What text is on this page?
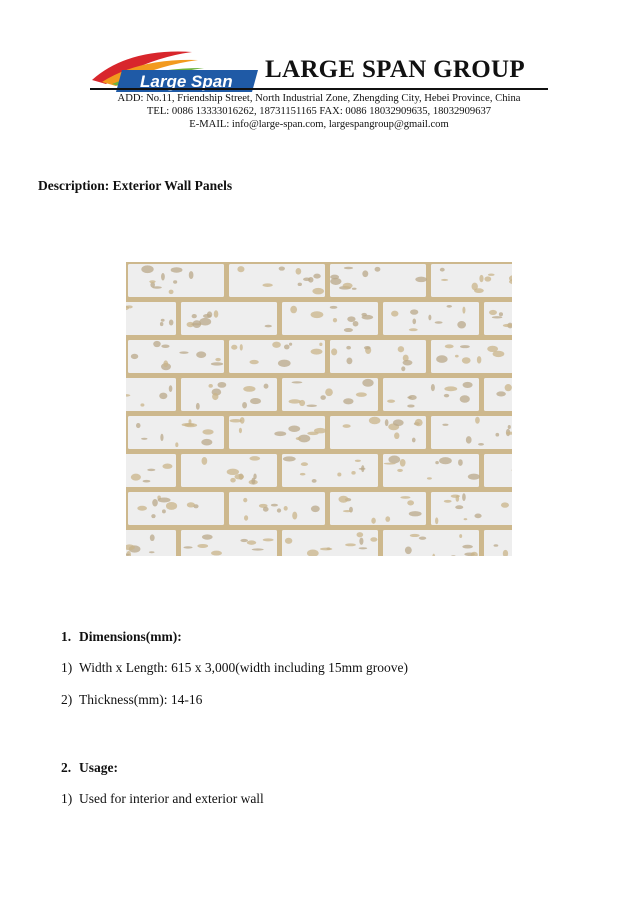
Large Span LARGE SPAN GROUP
ADD: No.11, Friendship Street, North Industrial Zone, Zhengding City, Hebei Province, China
TEL: 0086 13333016262, 18731151165 FAX: 0086 18032909635, 18032909637
E-MAIL: info@large-span.com, largespangroup@gmail.com
Description: Exterior Wall Panels
1. Dimensions(mm):
1) Width x Length: 615 x 3,000(width including 15mm groove)
2) Thickness(mm): 14-16
2. Usage:
1) Used for interior and exterior wall
